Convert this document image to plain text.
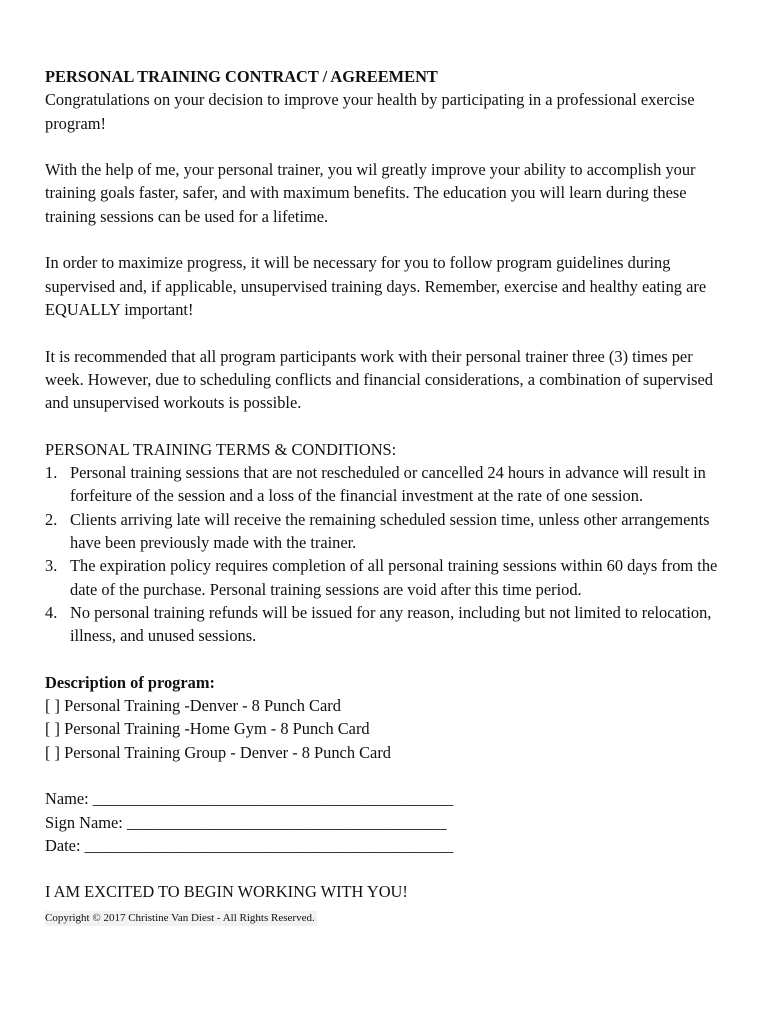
PERSONAL TRAINING CONTRACT / AGREEMENT

Congratulations on your decision to improve your health by participating in a professional exercise program!

With the help of me, your personal trainer, you wil greatly improve your ability to accomplish your training goals faster, safer, and with maximum benefits. The education you will learn during these training sessions can be used for a lifetime.

In order to maximize progress, it will be necessary for you to follow program guidelines during supervised and, if applicable, unsupervised training days. Remember, exercise and healthy eating are EQUALLY important!

It is recommended that all program participants work with their personal trainer three (3) times per week. However, due to scheduling conflicts and financial considerations, a combination of supervised and unsupervised workouts is possible.

PERSONAL TRAINING TERMS & CONDITIONS:

1. Personal training sessions that are not rescheduled or cancelled 24 hours in advance will result in forfeiture of the session and a loss of the financial investment at the rate of one session.
2. Clients arriving late will receive the remaining scheduled session time, unless other arrangements have been previously made with the trainer.
3. The expiration policy requires completion of all personal training sessions within 60 days from the date of the purchase. Personal training sessions are void after this time period.
4. No personal training refunds will be issued for any reason, including but not limited to relocation, illness, and unused sessions.

Description of program:

[ ] Personal Training -Denver - 8 Punch Card
[ ] Personal Training -Home Gym - 8 Punch Card
[ ] Personal Training Group - Denver - 8 Punch Card
Name: ____________________________________________
Sign Name: _______________________________________
Date: _____________________________________________

I AM EXCITED TO BEGIN WORKING WITH YOU!

Copyright © 2017 Christine Van Diest - All Rights Reserved.
